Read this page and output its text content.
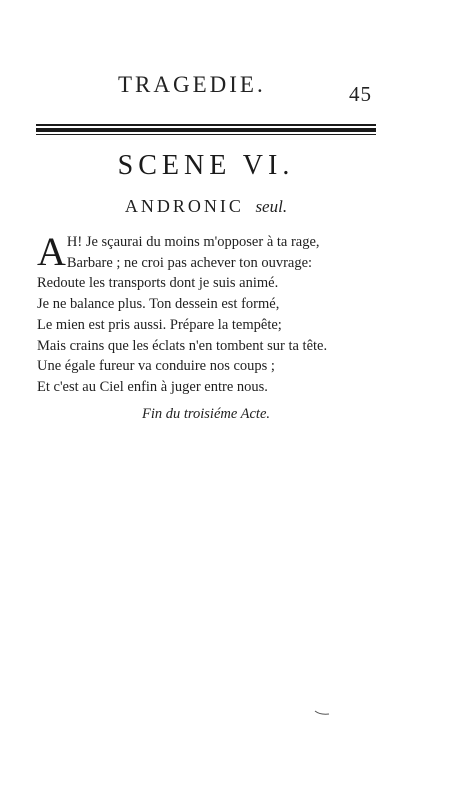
TRAGEDIE.	45
SCENE VI.
ANDRONIC seul.
A H! Je sçaurai du moins m'opposer à ta rage,
Barbare ; ne croi pas achever ton ouvrage:
Redoute les transports dont je suis animé.
Je ne balance plus. Ton dessein est formé,
Le mien est pris aussi. Prépare la tempête;
Mais crains que les éclats n'en tombent sur ta tête.
Une égale fureur va conduire nos coups ;
Et c'est au Ciel enfin à juger entre nous.
Fin du troisiéme Acte.
